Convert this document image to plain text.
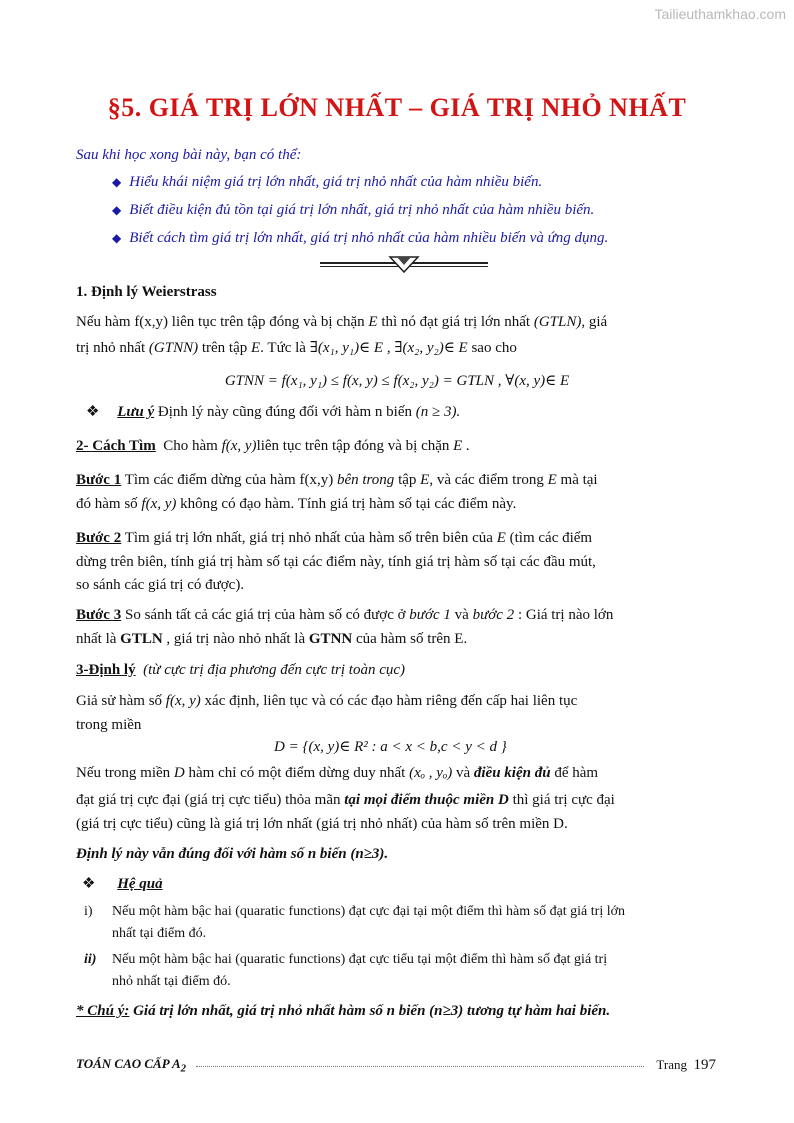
Tailieuthamkhao.com
§5. GIÁ TRỊ LỚN NHẤT – GIÁ TRỊ NHỎ NHẤT
Sau khi học xong bài này, bạn có thể:
◆ Hiểu khái niệm giá trị lớn nhất, giá trị nhỏ nhất của hàm nhiều biến.
◆ Biết điều kiện đủ tồn tại giá trị lớn nhất, giá trị nhỏ nhất của hàm nhiều biến.
◆ Biết cách tìm giá trị lớn nhất, giá trị nhỏ nhất của hàm nhiều biến và ứng dụng.
1. Định lý Weierstrass
Nếu hàm f(x,y) liên tục trên tập đóng và bị chặn E thì nó đạt giá trị lớn nhất (GTLN), giá
trị nhỏ nhất (GTNN) trên tập E. Tức là ∃(x₁, y₁)∈ E , ∃(x₂, y₂)∈ E sao cho
GTNN = f(x₁, y₁) ≤ f(x, y) ≤ f(x₂, y₂) = GTLN , ∀(x, y)∈ E
❖ Lưu ý Định lý này cũng đúng đối với hàm n biến (n ≥ 3).
2- Cách Tìm Cho hàm f(x, y)liên tục trên tập đóng và bị chặn E .
Bước 1 Tìm các điểm dừng của hàm f(x,y) bên trong tập E, và các điểm trong E mà tại
đó hàm số f(x, y) không có đạo hàm. Tính giá trị hàm số tại các điểm này.
Bước 2 Tìm giá trị lớn nhất, giá trị nhỏ nhất của hàm số trên biên của E (tìm các điểm
dừng trên biên, tính giá trị hàm số tại các điểm này, tính giá trị hàm số tại các đầu mút,
so sánh các giá trị có được).
Bước 3 So sánh tất cả các giá trị của hàm số có được ở bước 1 và bước 2 : Giá trị nào lớn
nhất là GTLN , giá trị nào nhỏ nhất là GTNN của hàm số trên E.
3-Định lý (từ cực trị địa phương đến cực trị toàn cục)
Giả sử hàm số f(x, y) xác định, liên tục và có các đạo hàm riêng đến cấp hai liên tục
trong miền
D = {(x, y)∈ R² : a < x < b,c < y < d }
Nếu trong miền D hàm chỉ có một điểm dừng duy nhất (xₒ , yₒ) và điều kiện đủ để hàm
đạt giá trị cực đại (giá trị cực tiểu) thỏa mãn tại mọi điểm thuộc miền D thì giá trị cực đại
(giá trị cực tiểu) cũng là giá trị lớn nhất (giá trị nhỏ nhất) của hàm số trên miền D.
Định lý này vẫn đúng đối với hàm số n biến (n≥3).
❖ Hệ quả
i) Nếu một hàm bậc hai (quaratic functions) đạt cực đại tại một điểm thì hàm số đạt giá trị lớn
nhất tại điểm đó.
ii) Nếu một hàm bậc hai (quaratic functions) đạt cực tiểu tại một điểm thì hàm số đạt giá trị
nhỏ nhất tại điểm đó.
* Chú ý: Giá trị lớn nhất, giá trị nhỏ nhất hàm số n biến (n≥3) tương tự hàm hai biến.
TOÁN CAO CẤP $A_2$	Trang 197
